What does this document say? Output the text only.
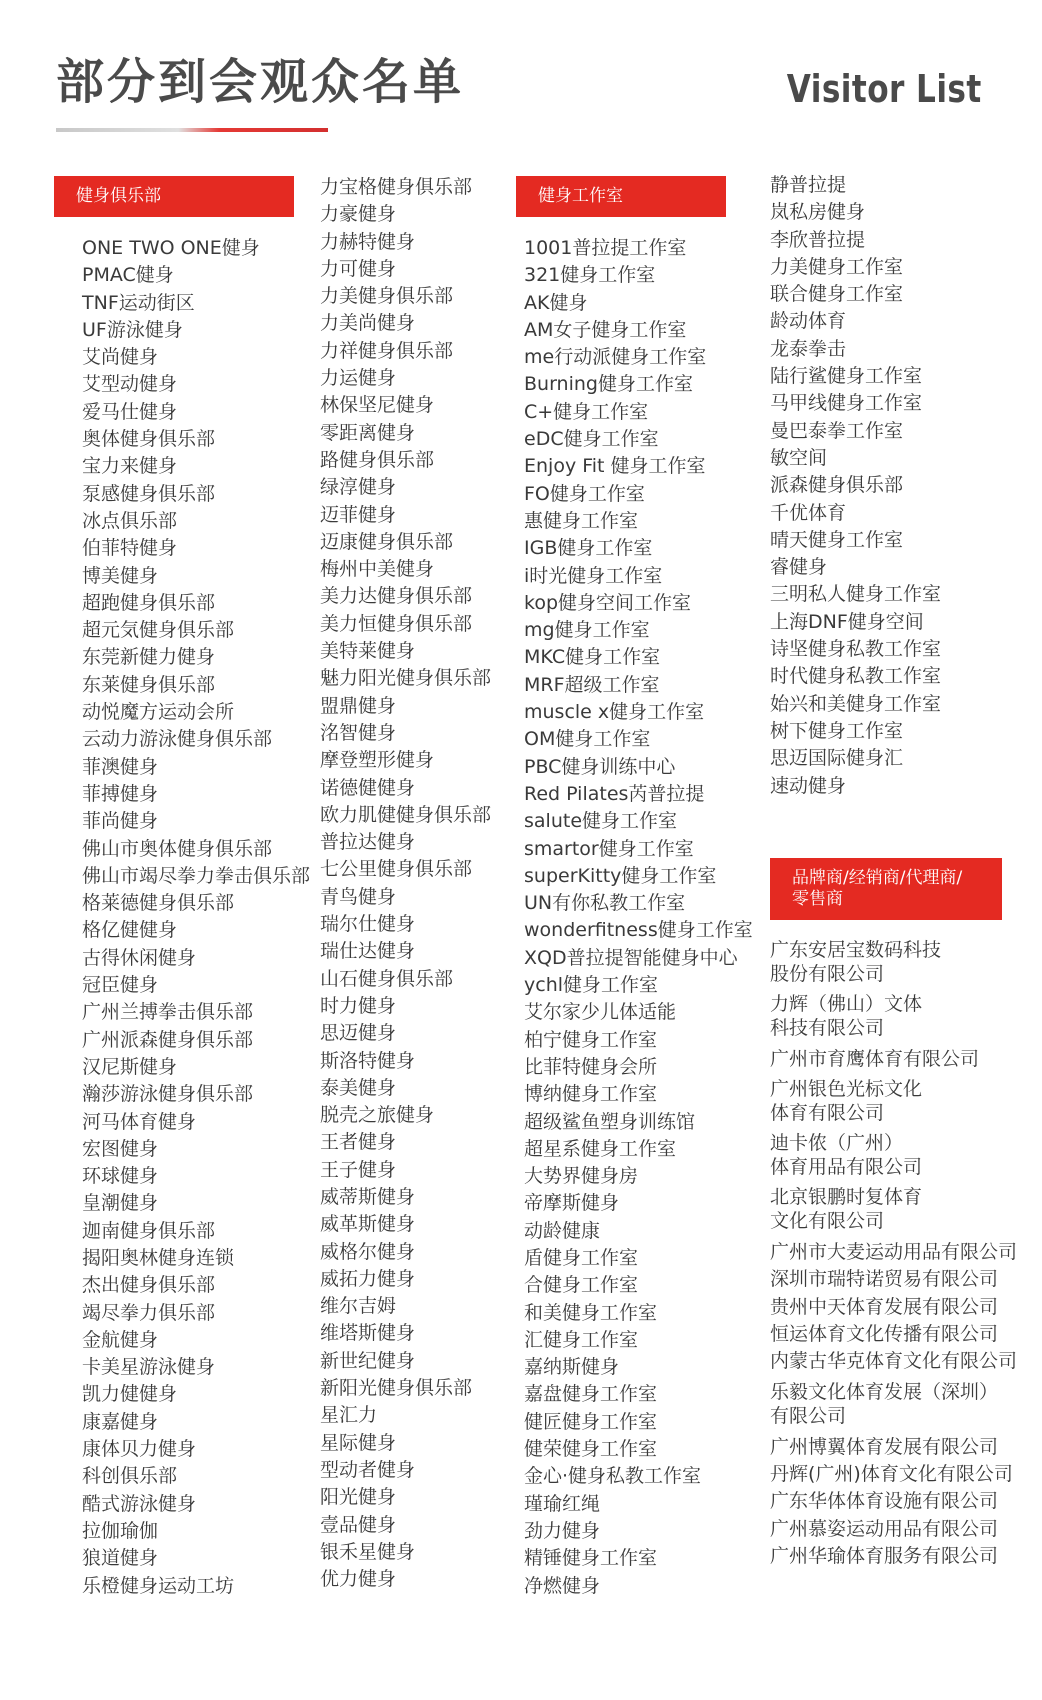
部分到会观众名单	Visitor List
健身俱乐部
ONE TWO ONE健身
PMAC健身
TNF运动街区
UF游泳健身
艾尚健身
艾型动健身
爱马仕健身
奥体健身俱乐部
宝力来健身
泵感健身俱乐部
冰点俱乐部
伯菲特健身
博美健身
超跑健身俱乐部
超元気健身俱乐部
东莞新健力健身
东莱健身俱乐部
动悦魔方运动会所
云动力游泳健身俱乐部
菲澳健身
菲搏健身
菲尚健身
佛山市奥体健身俱乐部
佛山市竭尽拳力拳击俱乐部
格莱德健身俱乐部
格亿健健身
古得休闲健身
冠臣健身
广州兰搏拳击俱乐部
广州派森健身俱乐部
汉尼斯健身
瀚莎游泳健身俱乐部
河马体育健身
宏图健身
环球健身
皇潮健身
迦南健身俱乐部
揭阳奥林健身连锁
杰出健身俱乐部
竭尽拳力俱乐部
金航健身
卡美星游泳健身
凯力健健身
康嘉健身
康体贝力健身
科创俱乐部
酷式游泳健身
拉伽瑜伽
狼道健身
乐橙健身运动工坊
力宝格健身俱乐部
力豪健身
力赫特健身
力可健身
力美健身俱乐部
力美尚健身
力祥健身俱乐部
力运健身
林保坚尼健身
零距离健身
路健身俱乐部
绿淳健身
迈菲健身
迈康健身俱乐部
梅州中美健身
美力达健身俱乐部
美力恒健身俱乐部
美特莱健身
魅力阳光健身俱乐部
盟鼎健身
洺智健身
摩登塑形健身
诺德健健身
欧力肌健健身俱乐部
普拉达健身
七公里健身俱乐部
青鸟健身
瑞尔仕健身
瑞仕达健身
山石健身俱乐部
时力健身
思迈健身
斯洛特健身
泰美健身
脱壳之旅健身
王者健身
王子健身
威蒂斯健身
威革斯健身
威格尔健身
威拓力健身
维尔吉姆
维塔斯健身
新世纪健身
新阳光健身俱乐部
星汇力
星际健身
型动者健身
阳光健身
壹品健身
银禾星健身
优力健身
健身工作室
1001普拉提工作室
321健身工作室
AK健身
AM女子健身工作室
me行动派健身工作室
Burning健身工作室
C+健身工作室
eDC健身工作室
Enjoy Fit 健身工作室
FO健身工作室
惠健身工作室
IGB健身工作室
i时光健身工作室
kop健身空间工作室
mg健身工作室
MKC健身工作室
MRF超级工作室
muscle x健身工作室
OM健身工作室
PBC健身训练中心
Red Pilates芮普拉提
salute健身工作室
smartor健身工作室
superKitty健身工作室
UN有你私教工作室
wonderfitness健身工作室
XQD普拉提智能健身中心
ychl健身工作室
艾尔家少儿体适能
柏宁健身工作室
比菲特健身会所
博纳健身工作室
超级鲨鱼塑身训练馆
超星系健身工作室
大势界健身房
帝摩斯健身
动龄健康
盾健身工作室
合健身工作室
和美健身工作室
汇健身工作室
嘉纳斯健身
嘉盘健身工作室
健匠健身工作室
健荣健身工作室
金心·健身私教工作室
瑾瑜红绳
劲力健身
精锤健身工作室
净燃健身
静普拉提
岚私房健身
李欣普拉提
力美健身工作室
联合健身工作室
龄动体育
龙泰拳击
陆行鲨健身工作室
马甲线健身工作室
曼巴泰拳工作室
敏空间
派森健身俱乐部
千优体育
晴天健身工作室
睿健身
三明私人健身工作室
上海DNF健身空间
诗坚健身私教工作室
时代健身私教工作室
始兴和美健身工作室
树下健身工作室
思迈国际健身汇
速动健身
品牌商/经销商/代理商/
零售商
广东安居宝数码科技
股份有限公司
力辉（佛山）文体
科技有限公司
广州市育鹰体育有限公司
广州银色光标文化
体育有限公司
迪卡侬（广州）
体育用品有限公司
北京银鹏时复体育
文化有限公司
广州市大麦运动用品有限公司
深圳市瑞特诺贸易有限公司
贵州中天体育发展有限公司
恒运体育文化传播有限公司
内蒙古华克体育文化有限公司
乐毅文化体育发展（深圳）
有限公司
广州博翼体育发展有限公司
丹辉(广州)体育文化有限公司
广东华体体育设施有限公司
广州慕姿运动用品有限公司
广州华瑜体育服务有限公司
